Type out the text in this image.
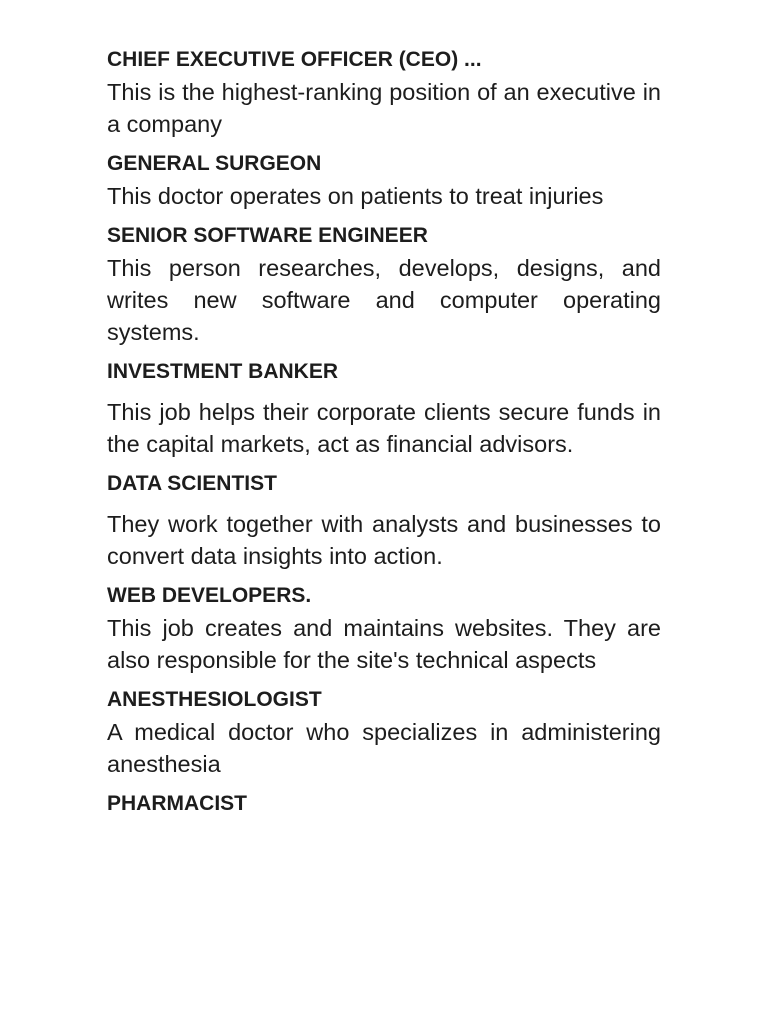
CHIEF EXECUTIVE OFFICER (CEO) ...

This is the highest-ranking position of an executive in a company

GENERAL SURGEON

This doctor operates on patients to treat injuries

SENIOR SOFTWARE ENGINEER

This person researches, develops, designs, and writes new software and computer operating systems.

INVESTMENT BANKER

This job helps their corporate clients secure funds in the capital markets, act as financial advisors.

DATA SCIENTIST

They work together with analysts and businesses to convert data insights into action.

WEB DEVELOPERS.

This job creates and maintains websites. They are also responsible for the site's technical aspects

ANESTHESIOLOGIST

A medical doctor who specializes in administering anesthesia

PHARMACIST
